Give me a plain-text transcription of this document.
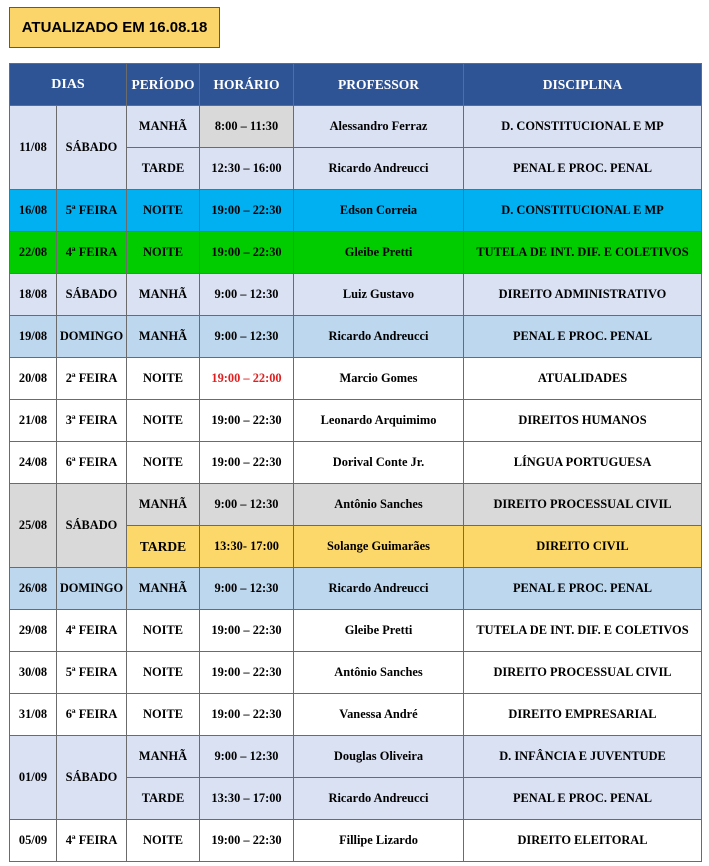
ATUALIZADO EM 16.08.18
DIAS		PERÍODO	HORÁRIO	PROFESSOR	DISCIPLINA
11/08	SÁBADO	MANHÃ	8:00 – 11:30	Alessandro Ferraz	D. CONSTITUCIONAL E MP
		TARDE	12:30 – 16:00	Ricardo Andreucci	PENAL E PROC. PENAL
16/08	5ª FEIRA	NOITE	19:00 – 22:30	Edson Correia	D. CONSTITUCIONAL E MP
22/08	4ª FEIRA	NOITE	19:00 – 22:30	Gleibe Pretti	TUTELA DE INT. DIF. E COLETIVOS
18/08	SÁBADO	MANHÃ	9:00 – 12:30	Luiz Gustavo	DIREITO ADMINISTRATIVO
19/08	DOMINGO	MANHÃ	9:00 – 12:30	Ricardo Andreucci	PENAL E PROC. PENAL
20/08	2ª FEIRA	NOITE	19:00 – 22:00	Marcio Gomes	ATUALIDADES
21/08	3ª FEIRA	NOITE	19:00 – 22:30	Leonardo Arquimimo	DIREITOS HUMANOS
24/08	6ª FEIRA	NOITE	19:00 – 22:30	Dorival Conte Jr.	LÍNGUA PORTUGUESA
25/08	SÁBADO	MANHÃ	9:00 – 12:30	Antônio Sanches	DIREITO PROCESSUAL CIVIL
		TARDE	13:30- 17:00	Solange Guimarães	DIREITO CIVIL
26/08	DOMINGO	MANHÃ	9:00 – 12:30	Ricardo Andreucci	PENAL E PROC. PENAL
29/08	4ª FEIRA	NOITE	19:00 – 22:30	Gleibe Pretti	TUTELA DE INT. DIF. E COLETIVOS
30/08	5ª FEIRA	NOITE	19:00 – 22:30	Antônio Sanches	DIREITO PROCESSUAL CIVIL
31/08	6ª FEIRA	NOITE	19:00 – 22:30	Vanessa André	DIREITO EMPRESARIAL
01/09	SÁBADO	MANHÃ	9:00 – 12:30	Douglas Oliveira	D. INFÂNCIA E JUVENTUDE
		TARDE	13:30 – 17:00	Ricardo Andreucci	PENAL E PROC. PENAL
05/09	4ª FEIRA	NOITE	19:00 – 22:30	Fillipe Lizardo	DIREITO ELEITORAL
